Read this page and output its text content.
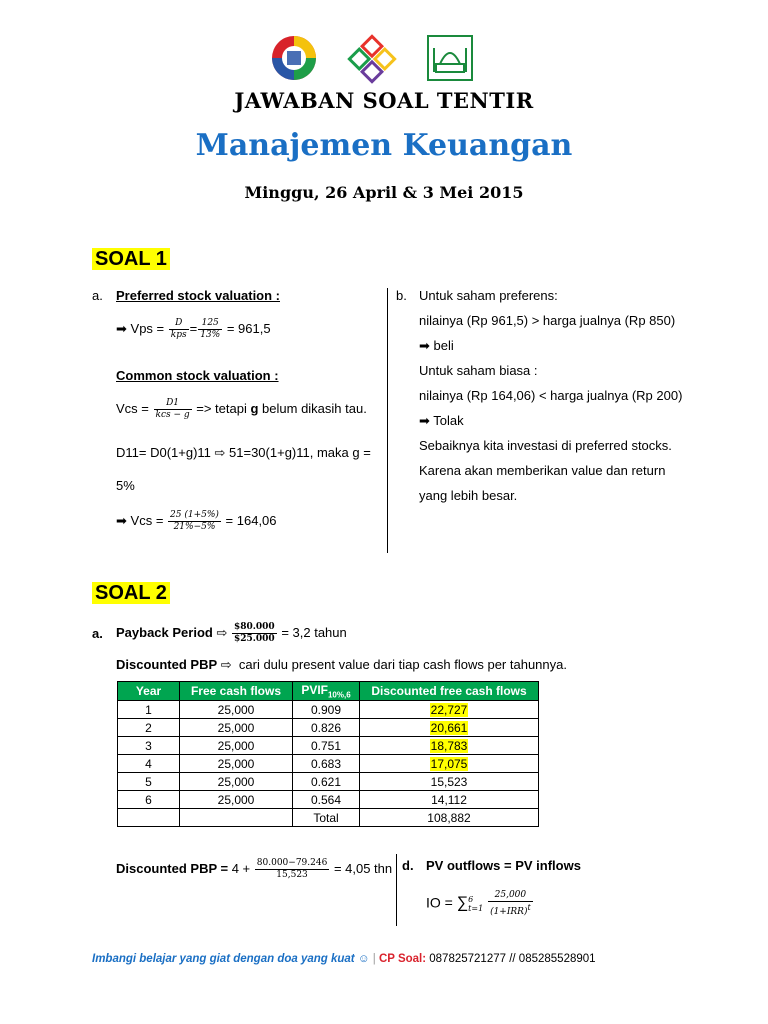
JAWABAN SOAL TENTIR
Manajemen Keuangan
Minggu, 26 April & 3 Mei 2015
SOAL 1
a. Preferred stock valuation :
➡ Vps = $\frac{D}{\text{kps}} = \frac{125}{13\%} = 961,5$
Common stock valuation :
Vcs = $\frac{D1}{\text{kcs − g}}$ => tetapi g belum dikasih tau.
D11= D0(1+g)11 ⇨ 51=30(1+g)11, maka g =
5%
➡ Vcs = $\frac{25 (1+5\%)}{21\%-5\%} = 164,06$
b. Untuk saham preferens:
nilainya (Rp 961,5) > harga jualnya (Rp 850)
➡ beli
Untuk saham biasa :
nilainya (Rp 164,06) < harga jualnya (Rp 200)
➡ Tolak
Sebaiknya kita investasi di preferred stocks.
Karena akan memberikan value dan return
yang lebih besar.
SOAL 2
a. Payback Period ⇨ $\frac{\$80.000}{\$25.000} = 3,2$ tahun
Discounted PBP ⇨ cari dulu present value dari tiap cash flows per tahunnya.
Year	Free cash flows	$PVIF_{10\%,6}$	Discounted free cash flows
1	25,000	0.909	22,727
2	25,000	0.826	20,661
3	25,000	0.751	18,783
4	25,000	0.683	17,075
5	25,000	0.621	15,523
6	25,000	0.564	14,112
		Total	108,882
Discounted PBP = $4 + \frac{80.000-79.246}{15,523} = 4,05$ thn d. PV outflows = PV inflows
IO = ∑ 6
t=1
$\frac{25,000}{(1+IRR)^t}$
Imbangi belajar yang giat dengan doa yang kuat ☺ | CP Soal: 087825721277 // 085285528901
